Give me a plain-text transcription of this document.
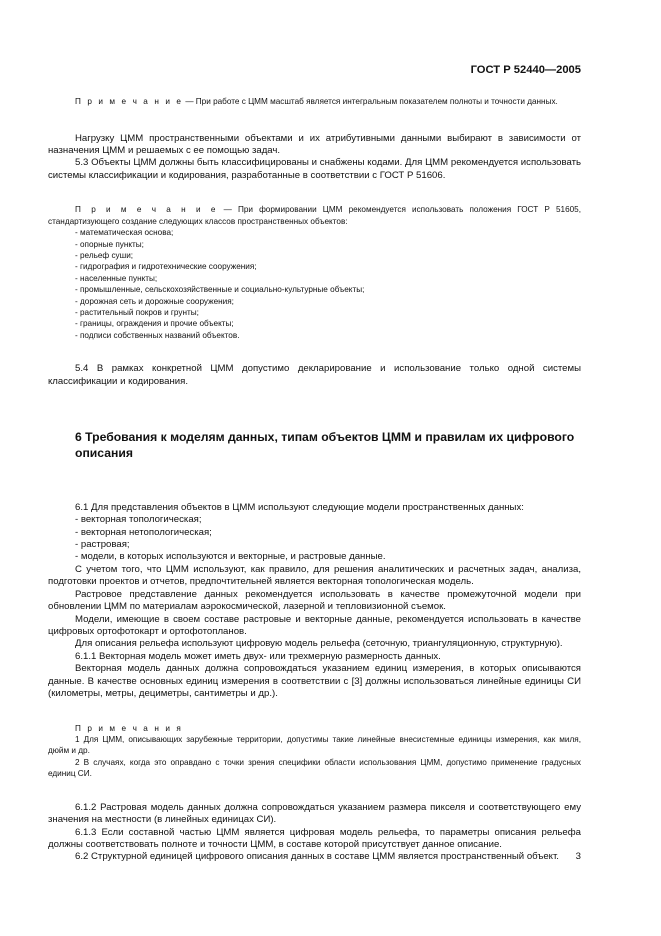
ГОСТ Р 52440—2005

П р и м е ч а н и е — При работе с ЦММ масштаб является интегральным показателем полноты и точности данных.

Нагрузку ЦММ пространственными объектами и их атрибутивными данными выбирают в зависимости от назначения ЦММ и решаемых с ее помощью задач.

5.3 Объекты ЦММ должны быть классифицированы и снабжены кодами. Для ЦММ рекомендуется использовать системы классификации и кодирования, разработанные в соответствии с ГОСТ Р 51606.

П р и м е ч а н и е — При формировании ЦММ рекомендуется использовать положения ГОСТ Р 51605, стандартизующего создание следующих классов пространственных объектов:

- математическая основа;

- опорные пункты;

- рельеф суши;

- гидрография и гидротехнические сооружения;

- населенные пункты;

- промышленные, сельскохозяйственные и социально-культурные объекты;

- дорожная сеть и дорожные сооружения;

- растительный покров и грунты;

- границы, ограждения и прочие объекты;

- подписи собственных названий объектов.

5.4 В рамках конкретной ЦММ допустимо декларирование и использование только одной системы классификации и кодирования.

6 Требования к моделям данных, типам объектов ЦММ и правилам их цифрового описания

6.1 Для представления объектов в ЦММ используют следующие модели пространственных данных:

- векторная топологическая;

- векторная нетопологическая;

- растровая;

- модели, в которых используются и векторные, и растровые данные.

С учетом того, что ЦММ используют, как правило, для решения аналитических и расчетных задач, анализа, подготовки проектов и отчетов, предпочтительней является векторная топологическая модель.

Растровое представление данных рекомендуется использовать в качестве промежуточной модели при обновлении ЦММ по материалам аэрокосмической, лазерной и тепловизионной съемок.

Модели, имеющие в своем составе растровые и векторные данные, рекомендуется использовать в качестве цифровых ортофотокарт и ортофотопланов.

Для описания рельефа используют цифровую модель рельефа (сеточную, триангуляционную, структурную).

6.1.1 Векторная модель может иметь двух- или трехмерную размерность данных.

Векторная модель данных должна сопровождаться указанием единиц измерения, в которых описываются данные. В качестве основных единиц измерения в соответствии с [3] должны использоваться линейные единицы СИ (километры, метры, дециметры, сантиметры и др.).

П р и м е ч а н и я

1 Для ЦММ, описывающих зарубежные территории, допустимы такие линейные внесистемные единицы измерения, как миля, дюйм и др.

2 В случаях, когда это оправдано с точки зрения специфики области использования ЦММ, допустимо применение градусных единиц СИ.

6.1.2 Растровая модель данных должна сопровождаться указанием размера пикселя и соответствующего ему значения на местности (в линейных единицах СИ).

6.1.3 Если составной частью ЦММ является цифровая модель рельефа, то параметры описания рельефа должны соответствовать полноте и точности ЦММ, в составе которой присутствует данное описание.

6.2 Структурной единицей цифрового описания данных в составе ЦММ является пространственный объект.	3
